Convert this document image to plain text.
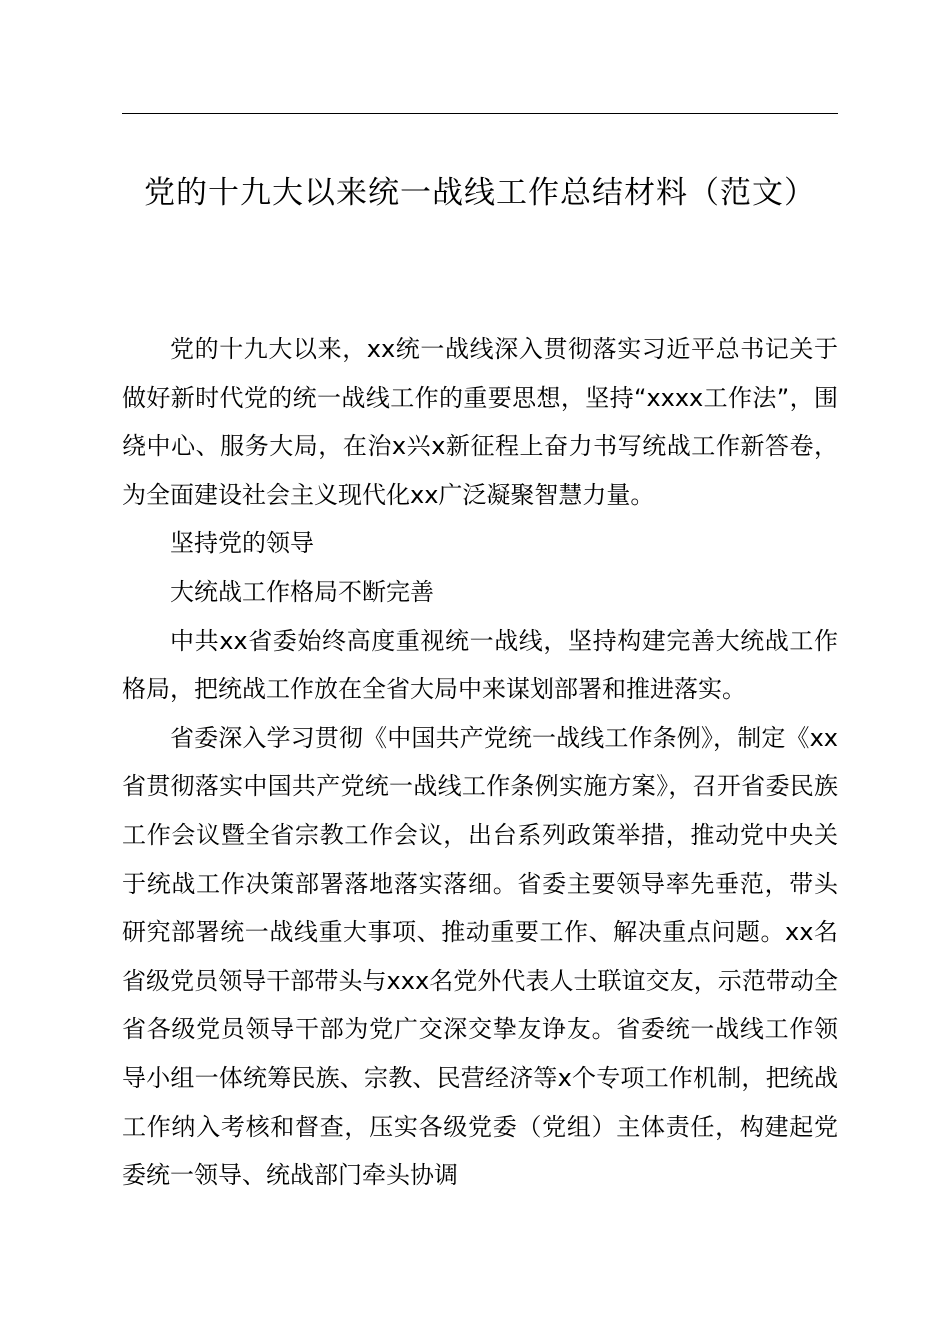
党的十九大以来统一战线工作总结材料（范文）

党的十九大以来，xx统一战线深入贯彻落实习近平总书记关于做好新时代党的统一战线工作的重要思想，坚持“xxxx工作法”，围绕中心、服务大局，在治x兴x新征程上奋力书写统战工作新答卷，为全面建设社会主义现代化xx广泛凝聚智慧力量。

坚持党的领导

大统战工作格局不断完善

中共xx省委始终高度重视统一战线，坚持构建完善大统战工作格局，把统战工作放在全省大局中来谋划部署和推进落实。

省委深入学习贯彻《中国共产党统一战线工作条例》，制定《xx省贯彻落实中国共产党统一战线工作条例实施方案》，召开省委民族工作会议暨全省宗教工作会议，出台系列政策举措，推动党中央关于统战工作决策部署落地落实落细。省委主要领导率先垂范，带头研究部署统一战线重大事项、推动重要工作、解决重点问题。xx名省级党员领导干部带头与xxx名党外代表人士联谊交友，示范带动全省各级党员领导干部为党广交深交挚友诤友。省委统一战线工作领导小组一体统筹民族、宗教、民营经济等x个专项工作机制，把统战工作纳入考核和督查，压实各级党委（党组）主体责任，构建起党委统一领导、统战部门牵头协调
